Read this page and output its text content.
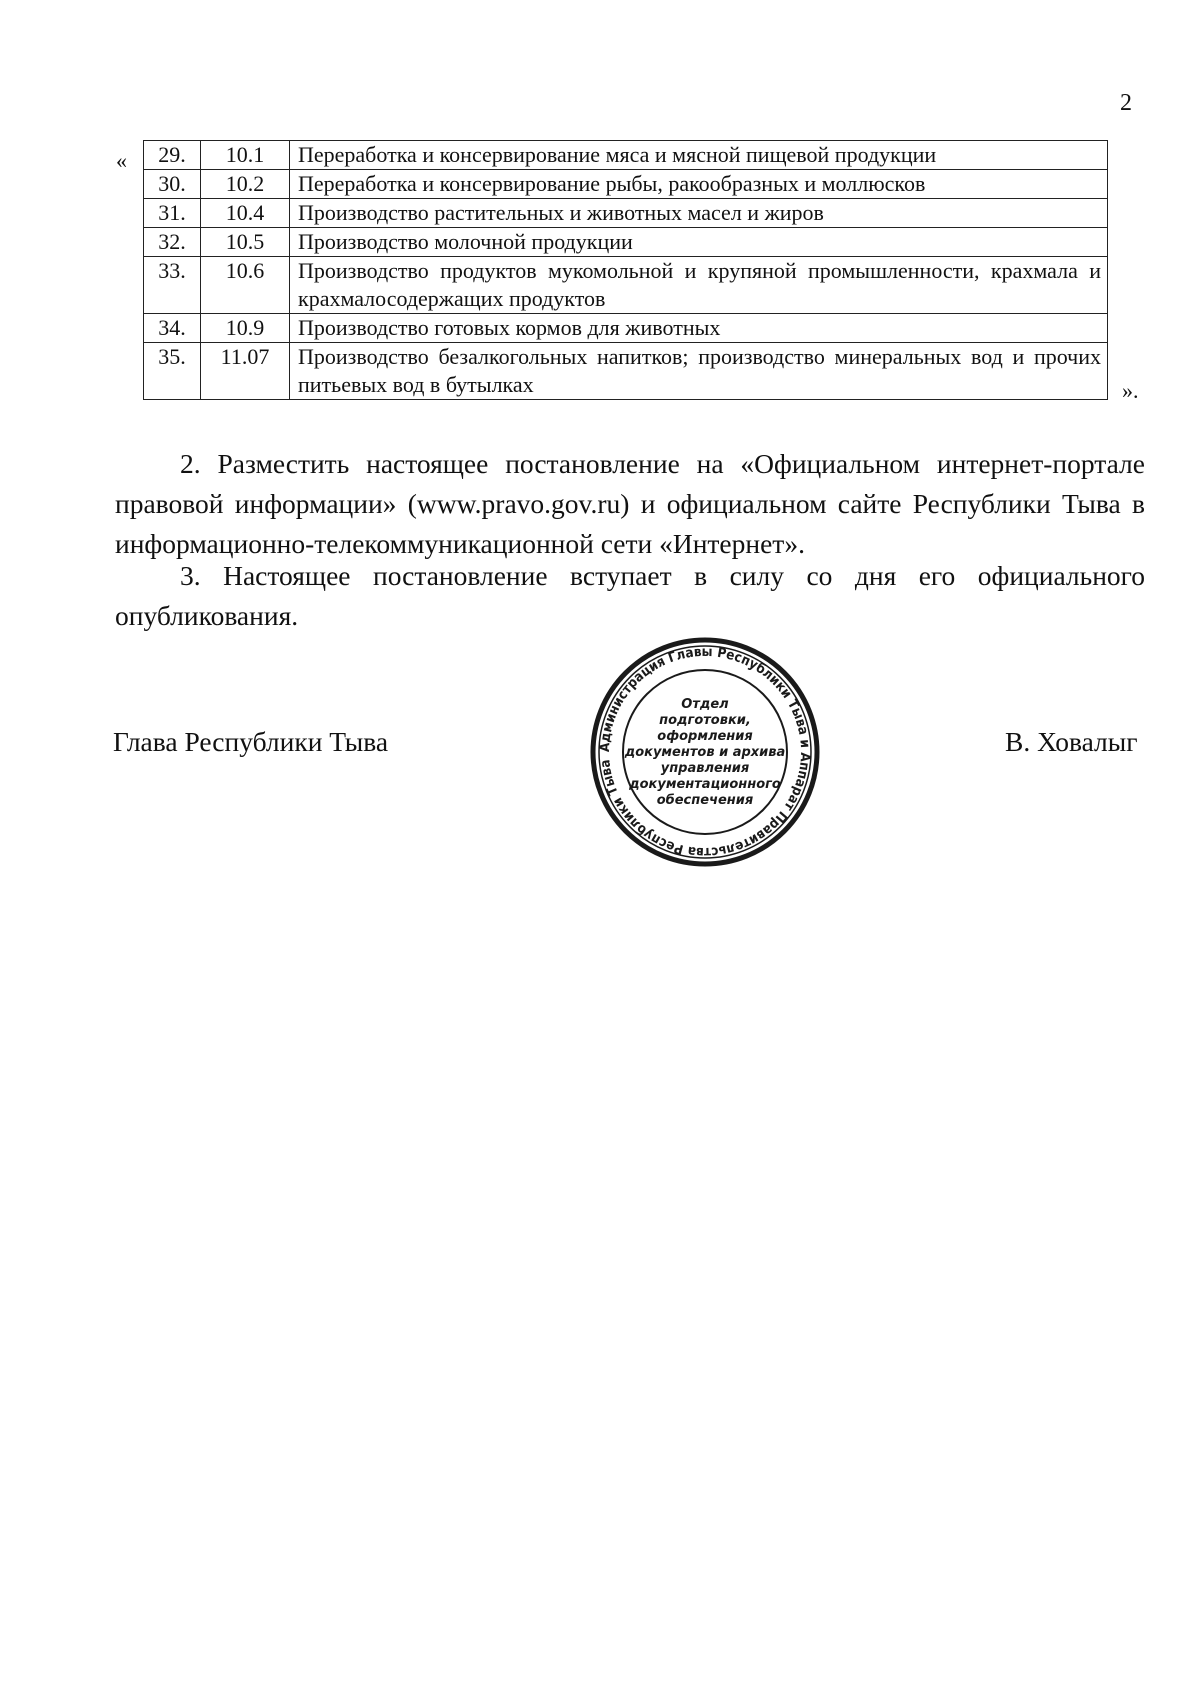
2
« 29.	10.1	Переработка и консервирование мяса и мясной пищевой продукции
30.	10.2	Переработка и консервирование рыбы, ракообразных и моллюсков
31.	10.4	Производство растительных и животных масел и жиров
32.	10.5	Производство молочной продукции
33.	10.6	Производство продуктов мукомольной и крупяной промышленности, крахмала и крахмалосодержащих продуктов
34.	10.9	Производство готовых кормов для животных
35.	11.07	Производство безалкогольных напитков; производство минеральных вод и прочих питьевых вод в бутылках	».

2. Разместить настоящее постановление на «Официальном интернет-портале правовой информации» (www.pravo.gov.ru) и официальном сайте Республики Тыва в информационно-телекоммуникационной сети «Интернет».

3. Настоящее постановление вступает в силу со дня его официального опубликования.

Глава Республики Тыва	В. Ховалыг
Администрация Главы Республики Тыва и Аппарат Правительства Республики Тыва
Отдел
подготовки,
оформления
документов и архива
управления
документационного
обеспечения
